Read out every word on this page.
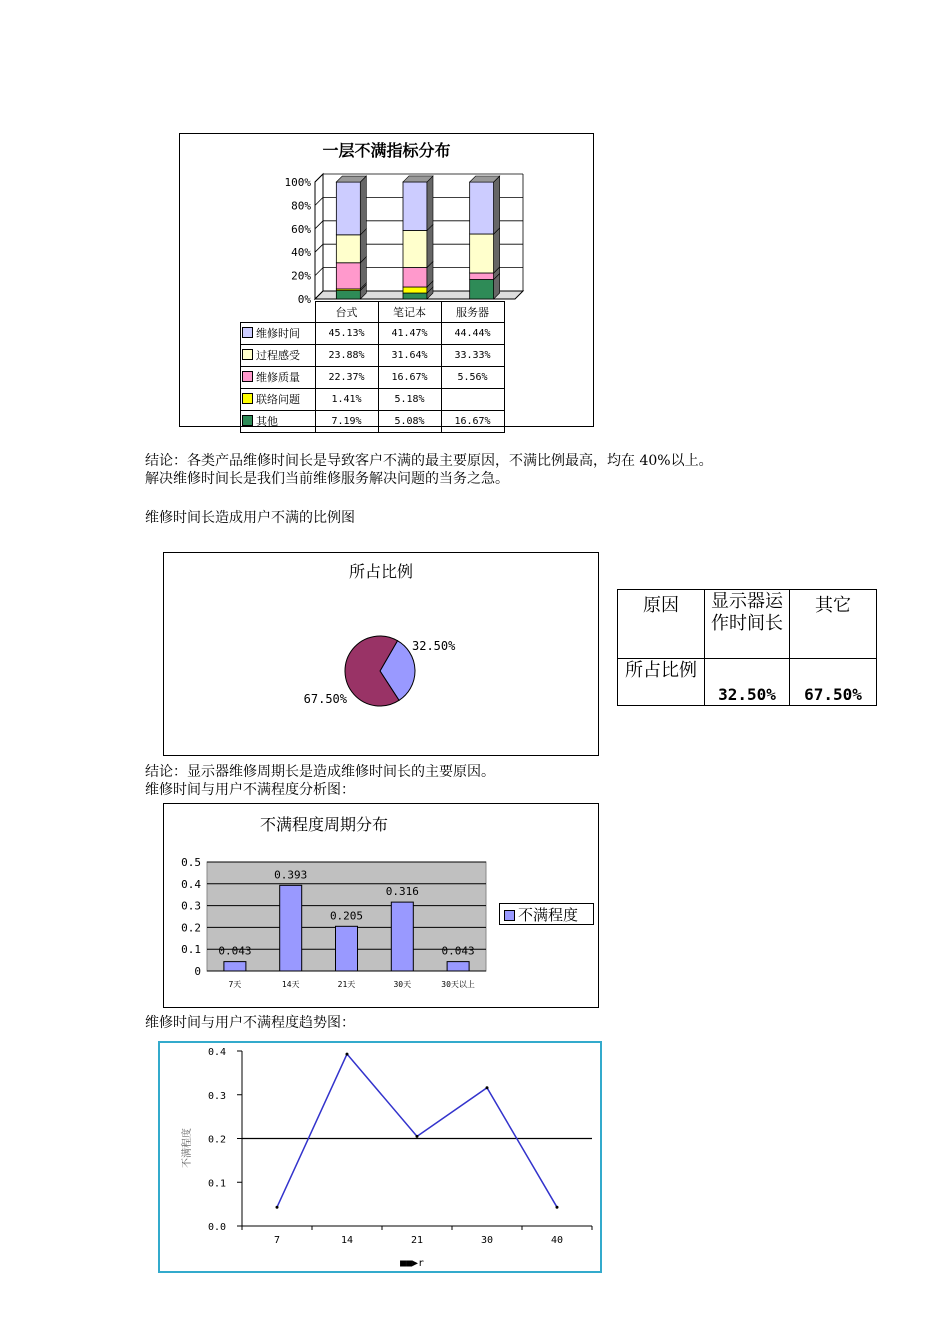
一层不满指标分布
100%
80%
60%
40%
20%
0%
	台式	笔记本	服务器
维修时间	45.13%	41.47%	44.44%
过程感受	23.88%	31.64%	33.33%
维修质量	22.37%	16.67%	5.56%
联络问题	1.41%	5.18%	
其他	7.19%	5.08%	16.67%
结论：各类产品维修时间长是导致客户不满的最主要原因，不满比例最高，均在 40%以上。
解决维修时间长是我们当前维修服务解决问题的当务之急。
维修时间长造成用户不满的比例图
所占比例
32.50%
67.50%
原因	显示器运作时间长	其它
所占比例	32.50%	67.50%
结论：显示器维修周期长是造成维修时间长的主要原因。
维修时间与用户不满程度分析图：
不满程度周期分布
0.5
0.4
0.3
0.2
0.1
0
0.043
7天
0.393
14天
0.205
21天
0.316
30天
0.043
30天以上
不满程度
维修时间与用户不满程度趋势图：
0.4
0.3
0.2
0.1
0.0
7	14	21	30	40
不满程度
■■▶r
